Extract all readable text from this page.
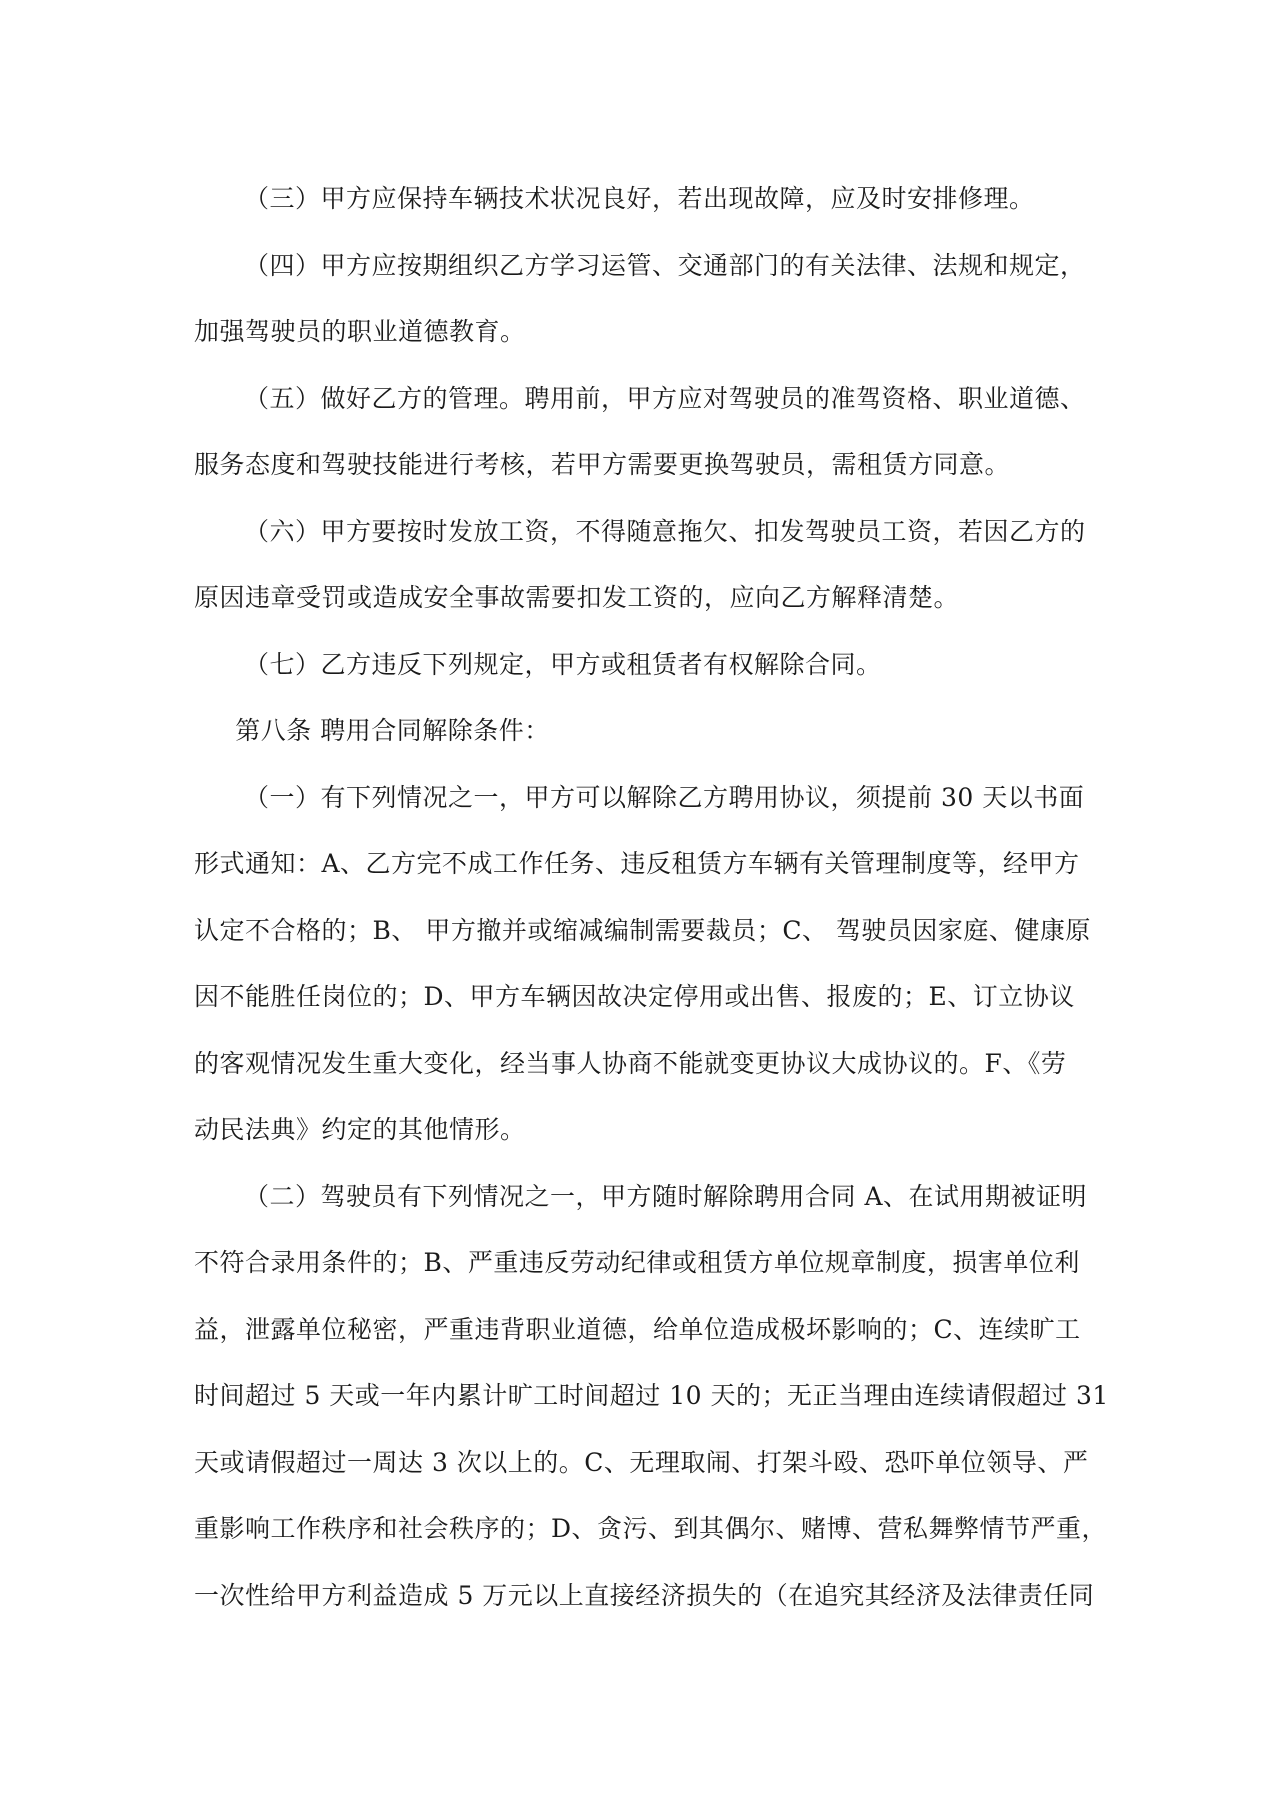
（三）甲方应保持车辆技术状况良好，若出现故障，应及时安排修理。

（四）甲方应按期组织乙方学习运管、交通部门的有关法律、法规和规定，
加强驾驶员的职业道德教育。

（五）做好乙方的管理。聘用前，甲方应对驾驶员的准驾资格、职业道德、
服务态度和驾驶技能进行考核，若甲方需要更换驾驶员，需租赁方同意。

（六）甲方要按时发放工资，不得随意拖欠、扣发驾驶员工资，若因乙方的
原因违章受罚或造成安全事故需要扣发工资的，应向乙方解释清楚。

（七）乙方违反下列规定，甲方或租赁者有权解除合同。

第八条 聘用合同解除条件：

（一）有下列情况之一，甲方可以解除乙方聘用协议，须提前 30 天以书面
形式通知：A、乙方完不成工作任务、违反租赁方车辆有关管理制度等，经甲方
认定不合格的；B、 甲方撤并或缩减编制需要裁员；C、 驾驶员因家庭、健康原
因不能胜任岗位的；D、甲方车辆因故决定停用或出售、报废的；E、订立协议
的客观情况发生重大变化，经当事人协商不能就变更协议大成协议的。F、《劳
动民法典》约定的其他情形。

（二）驾驶员有下列情况之一，甲方随时解除聘用合同 A、在试用期被证明
不符合录用条件的；B、严重违反劳动纪律或租赁方单位规章制度，损害单位利
益，泄露单位秘密，严重违背职业道德，给单位造成极坏影响的；C、连续旷工
时间超过 5 天或一年内累计旷工时间超过 10 天的；无正当理由连续请假超过 31
天或请假超过一周达 3 次以上的。C、无理取闹、打架斗殴、恐吓单位领导、严
重影响工作秩序和社会秩序的；D、贪污、到其偶尔、赌博、营私舞弊情节严重，
一次性给甲方利益造成 5 万元以上直接经济损失的（在追究其经济及法律责任同
